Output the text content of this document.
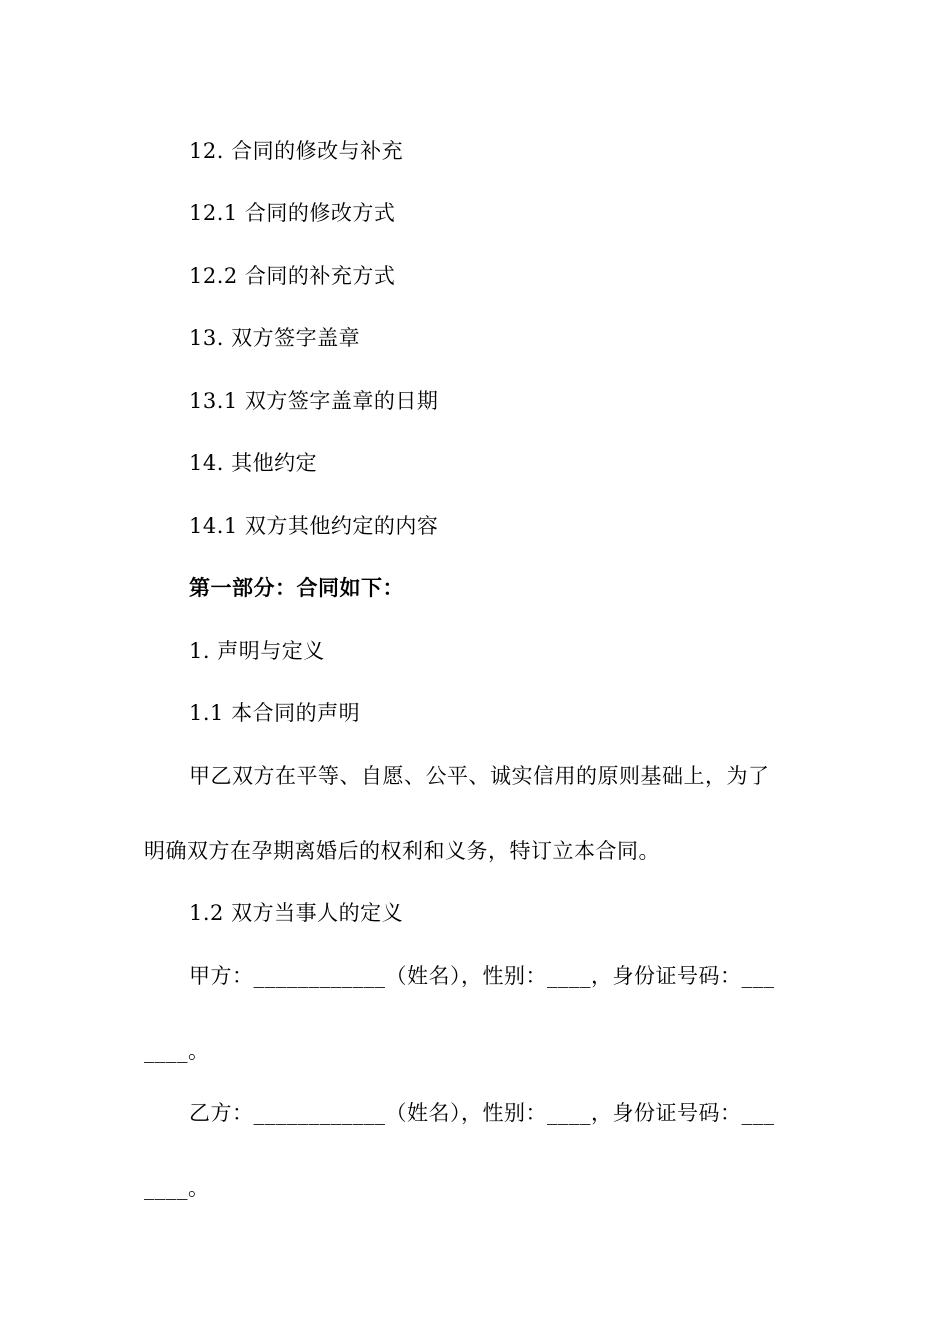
12. 合同的修改与补充
12.1 合同的修改方式
12.2 合同的补充方式
13. 双方签字盖章
13.1 双方签字盖章的日期
14. 其他约定
14.1 双方其他约定的内容
第一部分：合同如下：
1. 声明与定义
1.1 本合同的声明
甲乙双方在平等、自愿、公平、诚实信用的原则基础上，为了
明确双方在孕期离婚后的权利和义务，特订立本合同。
1.2 双方当事人的定义
甲方：____________（姓名），性别：____，身份证号码：___
____。
乙方：____________（姓名），性别：____，身份证号码：___
____。
